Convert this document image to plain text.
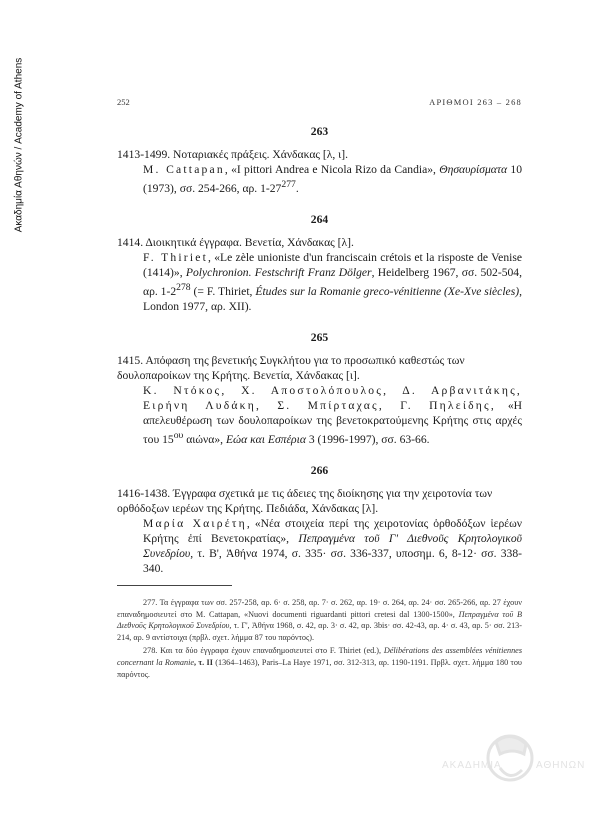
Ακαδημία Αθηνών / Academy of Athens	252	ΑΡΙΘΜΟΙ 263 – 268
263
1413-1499. Νοταριακές πράξεις. Χάνδακας [λ, ι].
M. Cattapan, «I pittori Andrea e Nicola Rizo da Candia», Θησαυρίσματα 10 (1973), σσ. 254-266, αρ. $1-27^{277}$.
264
1414. Διοικητικά έγγραφα. Βενετία, Χάνδακας [λ].
F. Thiriet, «Le zèle unioniste d'un franciscain crétois et la risposte de Venise (1414)», Polychronion. Festschrift Franz Dölger, Heidelberg 1967, σσ. 502-504, αρ. $1-2^{278}$ (= F. Thiriet, Études sur la Romanie greco-vénitienne (Xe-Xve siècles), London 1977, αρ. XII).
265
1415. Απόφαση της βενετικής Συγκλήτου για το προσωπικό καθεστώς των δουλοπαροίκων της Κρήτης. Βενετία, Χάνδακας [ι].
Κ. Ντόκος, Χ. Αποστολόπουλος, Δ. Αρβανιτάκης, Ειρήνη Λυδάκη, Σ. Μπίρταχας, Γ. Πηλείδης, «Η απελευθέρωση των δουλοπαροίκων της βενετοκρατούμενης Κρήτης στις αρχές του $15^{o\upsilon}$ αιώνα», Εώα και Εσπέρια 3 (1996-1997), σσ. 63-66.
266
1416-1438. Έγγραφα σχετικά με τις άδειες της διοίκησης για την χειροτονία των ορθόδοξων ιερέων της Κρήτης. Πεδιάδα, Χάνδακας [λ].
Μαρία Χαιρέτη, «Νέα στοιχεία περί της χειροτονίας ὀρθοδόξων ἱερέων Κρήτης ἐπί Βενετοκρατίας», Πεπραγμένα τοῦ Γ' Διεθνοῦς Κρητολογικοῦ Συνεδρίου, τ. Β', Ἀθήνα 1974, σ. 335· σσ. 336-337, υποσημ. 6, 8-12· σσ. 338-340.
277. Τα έγγραφα των σσ. 257-258, αρ. 6· σ. 258, αρ. 7· σ. 262, αρ. 19· σ. 264, αρ. 24· σσ. 265-266, αρ. 27 έχουν επαναδημοσιευτεί στο M. Cattapan, «Nuovi documenti riguardanti pittori cretesi dal 1300-1500», Πεπραγμένα τοῦ Β Διεθνοῦς Κρητολογικοῦ Συνεδρίου, τ. Γ', Ἀθήνα 1968, σ. 42, αρ. 3· σ. 42, αρ. 3bis· σσ. 42-43, αρ. 4· σ. 43, αρ. 5· σσ. 213-214, αρ. 9 αντίστοιχα (πρβλ. σχετ. λήμμα 87 του παρόντος).
278. Και τα δύο έγγραφα έχουν επαναδημοσιευτεί στο F. Thiriet (ed.), Délibérations des assemblées vénitiennes concernant la Romanie, τ. II (1364–1463), Paris–La Haye 1971, σσ. 312-313, αρ. 1190-1191. Πρβλ. σχετ. λήμμα 180 του παρόντος.
ΑΚΑΔΗΜΙΑ	ΑΘΗΝΩΝ
